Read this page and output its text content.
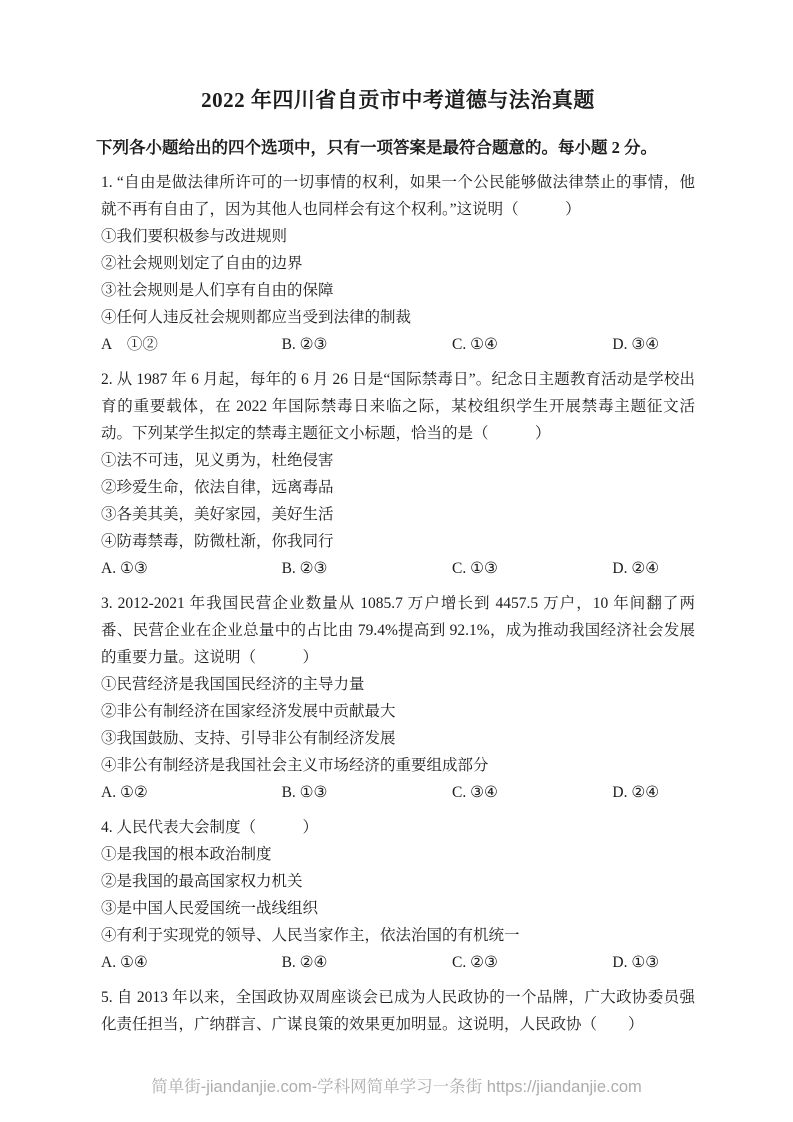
2022 年四川省自贡市中考道德与法治真题

下列各小题给出的四个选项中，只有一项答案是最符合题意的。每小题 2 分。

1. “自由是做法律所许可的一切事情的权利，如果一个公民能够做法律禁止的事情，他就不再有自由了，因为其他人也同样会有这个权利。”这说明（　　　）

①我们要积极参与改进规则

②社会规则划定了自由的边界

③社会规则是人们享有自由的保障

④任何人违反社会规则都应当受到法律的制裁

A　①②	B. ②③	C. ①④	D. ③④

2. 从 1987 年 6 月起，每年的 6 月 26 日是“国际禁毒日”。纪念日主题教育活动是学校出育的重要载体，在 2022 年国际禁毒日来临之际，某校组织学生开展禁毒主题征文活动。下列某学生拟定的禁毒主题征文小标题，恰当的是（　　　）

①法不可违，见义勇为，杜绝侵害

②珍爱生命，依法自律，远离毒品

③各美其美，美好家园，美好生活

④防毒禁毒，防微杜渐，你我同行

A. ①③	B. ②③	C. ①③	D. ②④

3. 2012-2021 年我国民营企业数量从 1085.7 万户增长到 4457.5 万户，10 年间翻了两番、民营企业在企业总量中的占比由 79.4%提高到 92.1%，成为推动我国经济社会发展的重要力量。这说明（　　　）

①民营经济是我国国民经济的主导力量

②非公有制经济在国家经济发展中贡献最大

③我国鼓励、支持、引导非公有制经济发展

④非公有制经济是我国社会主义市场经济的重要组成部分

A. ①②	B. ①③	C. ③④	D. ②④

4. 人民代表大会制度（　　　）

①是我国的根本政治制度

②是我国的最高国家权力机关

③是中国人民爱国统一战线组织

④有利于实现党的领导、人民当家作主，依法治国的有机统一

A. ①④	B. ②④	C. ②③	D. ①③

5. 自 2013 年以来，全国政协双周座谈会已成为人民政协的一个品牌，广大政协委员强化责任担当，广纳群言、广谋良策的效果更加明显。这说明，人民政协（　　）

简单街-jiandanjie.com-学科网简单学习一条街 https://jiandanjie.com
